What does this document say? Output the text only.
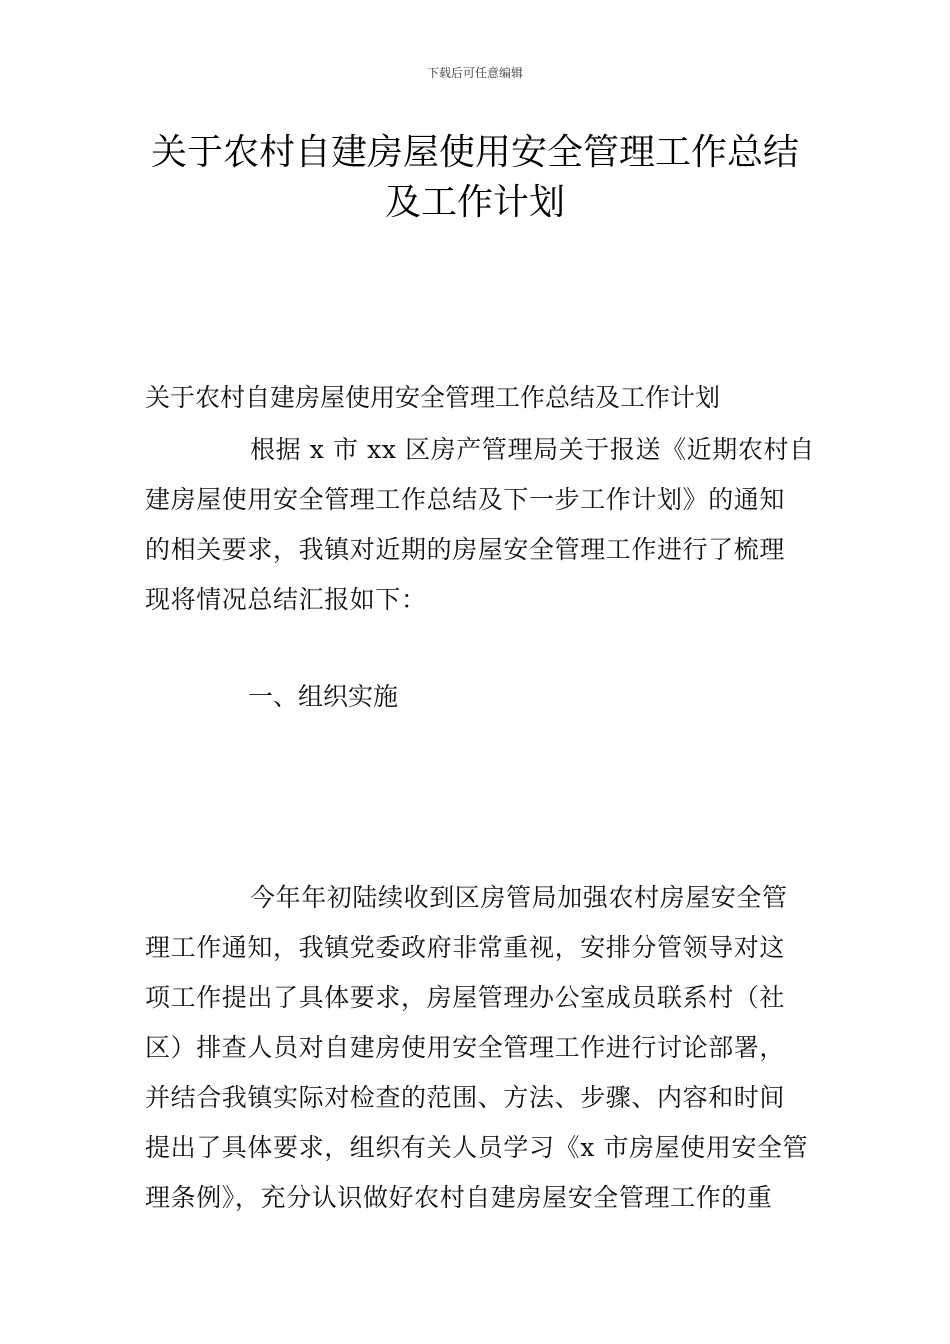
下载后可任意编辑
关于农村自建房屋使用安全管理工作总结
及工作计划
关于农村自建房屋使用安全管理工作总结及工作计划
根据 x 市 xx 区房产管理局关于报送《近期农村自
建房屋使用安全管理工作总结及下一步工作计划》的通知
的相关要求，我镇对近期的房屋安全管理工作进行了梳理
现将情况总结汇报如下：
一、组织实施
今年年初陆续收到区房管局加强农村房屋安全管
理工作通知，我镇党委政府非常重视，安排分管领导对这
项工作提出了具体要求，房屋管理办公室成员联系村（社
区）排查人员对自建房使用安全管理工作进行讨论部署，
并结合我镇实际对检查的范围、方法、步骤、内容和时间
提出了具体要求，组织有关人员学习《x 市房屋使用安全管
理条例》，充分认识做好农村自建房屋安全管理工作的重
